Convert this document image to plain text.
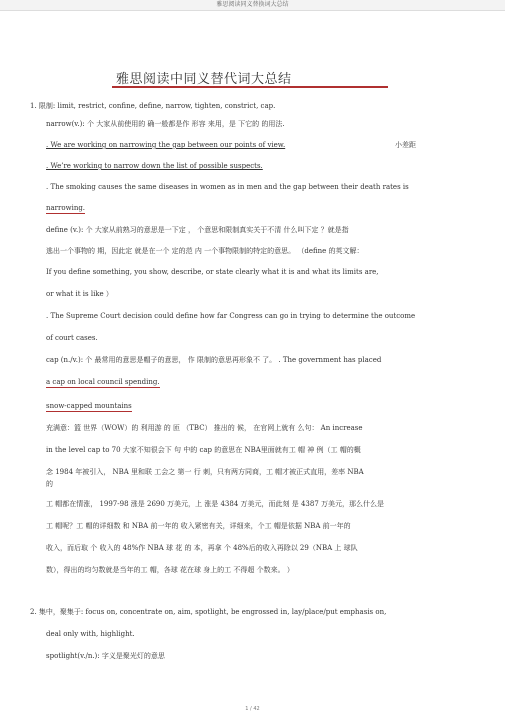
雅思阅读同义替换词大总结
雅思阅读中同义替代词大总结
1. 限制: limit, restrict, confine, define, narrow, tighten, constrict, cap.
narrow(v.): 个 大家从前使用的 确一般都是作 形容 来用，是 下它的 的用法.
. We are working on narrowing the gap between our points of view.	小差距
. We’re working to narrow down the list of possible suspects.
. The smoking causes the same diseases in women as in men and the gap between their death rates is
narrowing.
define (v.): 个 大家从前熟习的意思是一下定 ， 个意思和限制真实关于不清 什么叫下定 ？就是指
逃出一个事物的 期，因此定 就是在一个 定的范 内 一个事物限制的特定的意思。 （define 的英文解：
If you define something, you show, describe, or state clearly what it is and what its limits are,
or what it is like ）
. The Supreme Court decision could define how far Congress can go in trying to determine the outcome
of court cases.
cap (n./v.): 个 最常用的意思是帽子的意思， 作 限制的意思再形象不 了。 . The government has placed
a cap on local council spending.
snow-capped mountains
充满意：篮 世界（WOW）的 利用游 的 匝 （TBC） 推出的 候， 在官网上就有 么句： An increase
in the level cap to 70 大家不知很会下 句 中的 cap 的意思在 NBA里面就有工 帽 神 例（工 帽的概
念 1984 年被引入， NBA 里和联 工会之 第一 行 刺，只有两方同商，工 帽才被正式直用，差率 NBA
的
工 帽都在情涨， 1997-98 涨是 2690 万美元，上 涨是 4384 万美元，而此刻 是 4387 万美元，那么什么是
工 帽呢？工 帽的详细数 和 NBA 前一年的 收入紧密有关，详细来，个工 帽是依据 NBA 前一年的
收入，而后取 个 收入的 48%作 NBA 球 花 的 本，再拿 个 48%后的收入再除以 29（NBA 上 球队
数），得出的均匀数就是当年的工 帽，各球 花在球 身上的工 不得超 个数来。 ）
2. 集中，聚集于: focus on, concentrate on, aim, spotlight, be engrossed in, lay/place/put emphasis on,
deal only with, highlight.
spotlight(v./n.): 字义是聚光灯的意思
1 / 42
